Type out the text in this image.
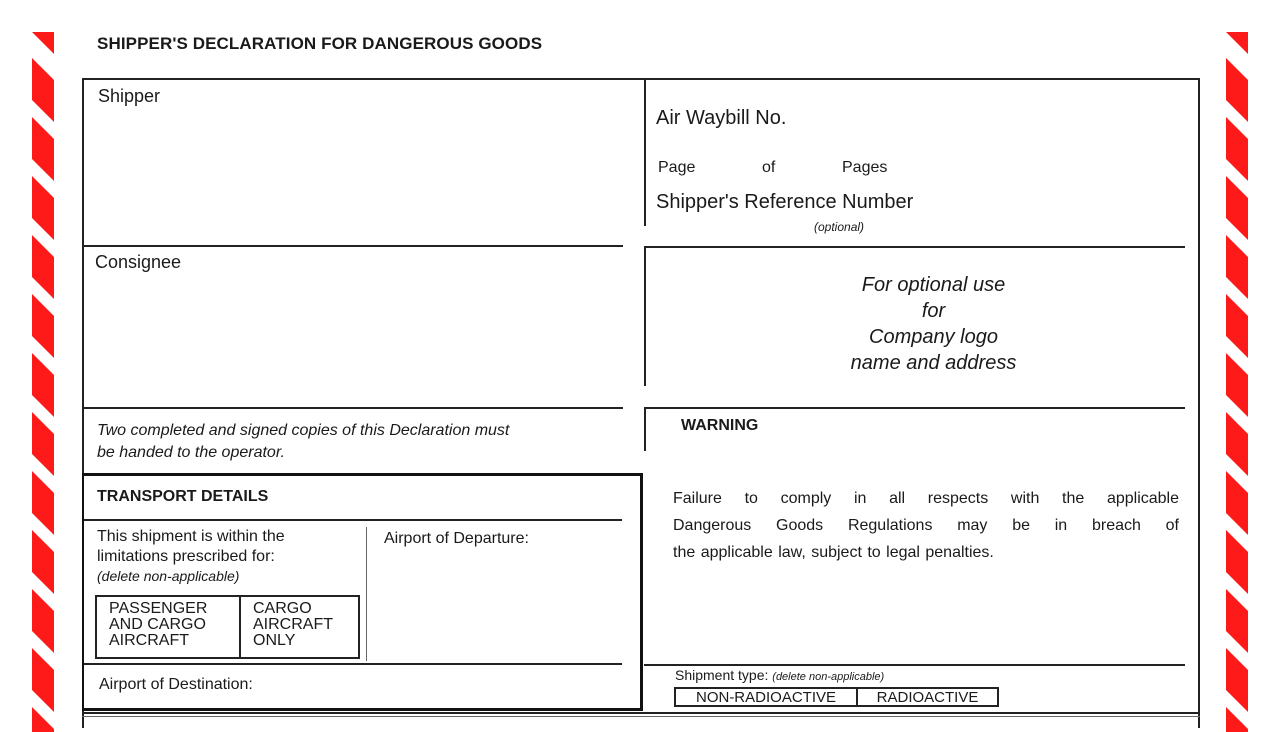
SHIPPER'S DECLARATION FOR DANGEROUS GOODS
Shipper
Air Waybill No.
Page	of	Pages
Shipper's Reference Number
(optional)
Consignee
For optional use
for
Company logo
name and address
Two completed and signed copies of this Declaration must
be handed to the operator.
WARNING
Failure to comply in all respects with the applicable
Dangerous Goods Regulations may be in breach of
the applicable law, subject to legal penalties.
TRANSPORT DETAILS
This shipment is within the
limitations prescribed for:
(delete non-applicable)
PASSENGER
AND CARGO
AIRCRAFT
CARGO
AIRCRAFT
ONLY
Airport of Departure:
Airport of Destination:
Shipment type: (delete non-applicable)
NON-RADIOACTIVE	RADIOACTIVE
